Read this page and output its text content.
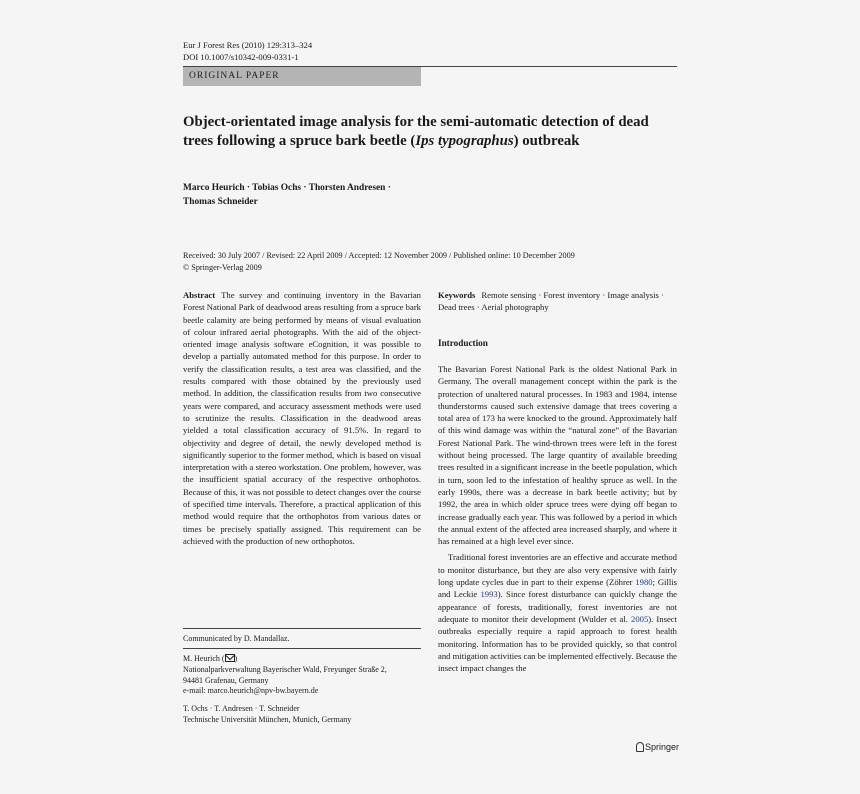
Eur J Forest Res (2010) 129:313–324
DOI 10.1007/s10342-009-0331-1
ORIGINAL PAPER
Object-orientated image analysis for the semi-automatic detection of dead trees following a spruce bark beetle (Ips typographus) outbreak
Marco Heurich · Tobias Ochs · Thorsten Andresen ·
Thomas Schneider
Received: 30 July 2007 / Revised: 22 April 2009 / Accepted: 12 November 2009 / Published online: 10 December 2009
© Springer-Verlag 2009
Abstract The survey and continuing inventory in the Bavarian Forest National Park of deadwood areas resulting from a spruce bark beetle calamity are being performed by means of visual evaluation of colour infrared aerial photographs. With the aid of the object-oriented image analysis software eCognition, it was possible to develop a partially automated method for this purpose. In order to verify the classification results, a test area was classified, and the results compared with those obtained by the previously used method. In addition, the classification results from two consecutive years were compared, and accuracy assessment methods were used to scrutinize the results. Classification in the deadwood areas yielded a total classification accuracy of 91.5%. In regard to objectivity and degree of detail, the newly developed method is significantly superior to the former method, which is based on visual interpretation with a stereo workstation. One problem, however, was the insufficient spatial accuracy of the respective orthophotos. Because of this, it was not possible to detect changes over the course of specified time intervals. Therefore, a practical application of this method would require that the orthophotos from various dates or times be precisely spatially assigned. This requirement can be achieved with the production of new orthophotos.
Communicated by D. Mandallaz.
M. Heurich ( )
Nationalparkverwaltung Bayerischer Wald, Freyunger Straße 2,
94481 Grafenau, Germany
e-mail: marco.heurich@npv-bw.bayern.de
T. Ochs · T. Andresen · T. Schneider
Technische Universität München, Munich, Germany
Keywords Remote sensing · Forest inventory · Image analysis · Dead trees · Aerial photography
Introduction

The Bavarian Forest National Park is the oldest National Park in Germany. The overall management concept within the park is the protection of unaltered natural processes. In 1983 and 1984, intense thunderstorms caused such extensive damage that trees covering a total area of 173 ha were knocked to the ground. Approximately half of this wind damage was within the “natural zone” of the Bavarian Forest National Park. The wind-thrown trees were left in the forest without being processed. The large quantity of available breeding trees resulted in a significant increase in the beetle population, which in turn, soon led to the infestation of healthy spruce as well. In the early 1990s, there was a decrease in bark beetle activity; but by 1992, the area in which older spruce trees were dying off began to increase gradually each year. This was followed by a period in which the annual extent of the affected area increased sharply, and where it has remained at a high level ever since.

Traditional forest inventories are an effective and accurate method to monitor disturbance, but they are also very expensive with fairly long update cycles due in part to their expense (Zöhrer 1980; Gillis and Leckie 1993). Since forest disturbance can quickly change the appearance of forests, traditionally, forest inventories are not adequate to monitor their development (Wulder et al. 2005). Insect outbreaks especially require a rapid approach to forest health monitoring. Information has to be provided quickly, so that control and mitigation activities can be implemented effectively. Because the insect impact changes the

Springer
